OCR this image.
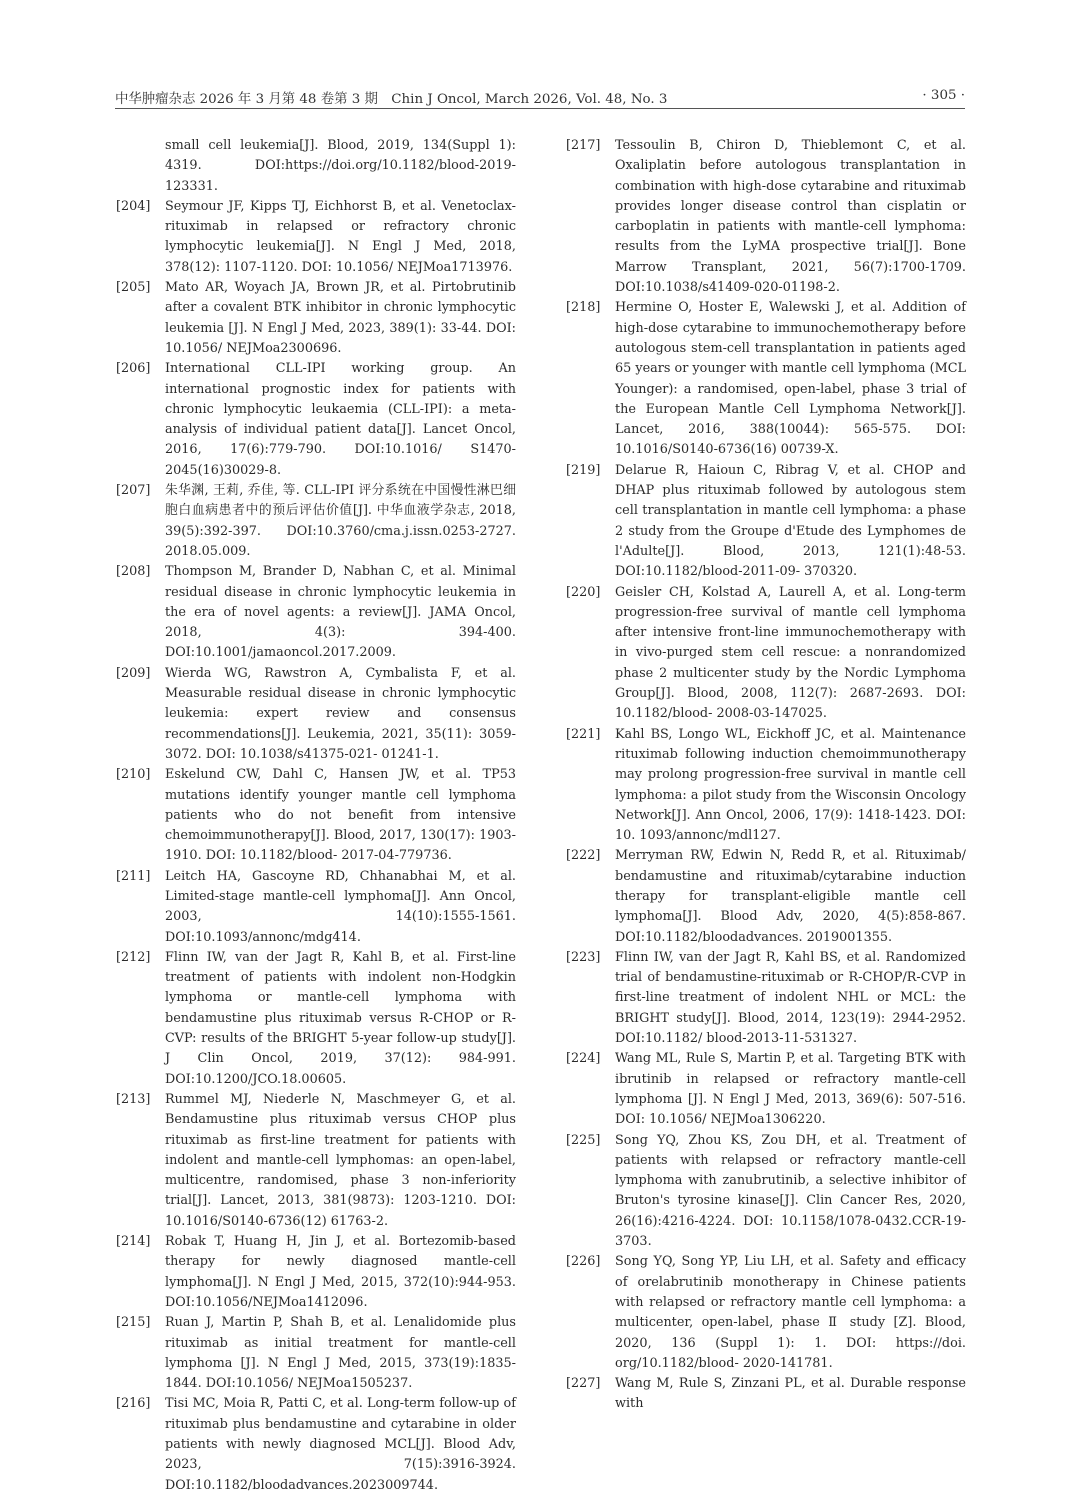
中华肿瘤杂志 2026 年 3 月第 48 卷第 3 期　Chin J Oncol, March 2026, Vol. 48, No. 3	· 305 ·
small cell leukemia[J]. Blood, 2019, 134(Suppl 1): 4319. DOI:https://doi.org/10.1182/blood-2019-123331.
[204] Seymour JF, Kipps TJ, Eichhorst B, et al. Venetoclax-rituximab in relapsed or refractory chronic lymphocytic leukemia[J]. N Engl J Med, 2018, 378(12): 1107-1120. DOI: 10.1056/ NEJMoa1713976.
[205] Mato AR, Woyach JA, Brown JR, et al. Pirtobrutinib after a covalent BTK inhibitor in chronic lymphocytic leukemia [J]. N Engl J Med, 2023, 389(1): 33-44. DOI: 10.1056/ NEJMoa2300696.
[206] International CLL-IPI working group. An international prognostic index for patients with chronic lymphocytic leukaemia (CLL-IPI): a meta-analysis of individual patient data[J]. Lancet Oncol, 2016, 17(6):779-790. DOI:10.1016/ S1470-2045(16)30029-8.
[207] 朱华渊, 王莉, 乔佳, 等. CLL-IPI 评分系统在中国慢性淋巴细胞白血病患者中的预后评估价值[J]. 中华血液学杂志, 2018, 39(5):392-397. DOI:10.3760/cma.j.issn.0253-2727. 2018.05.009.
[208] Thompson M, Brander D, Nabhan C, et al. Minimal residual disease in chronic lymphocytic leukemia in the era of novel agents: a review[J]. JAMA Oncol, 2018, 4(3): 394-400. DOI:10.1001/jamaoncol.2017.2009.
[209] Wierda WG, Rawstron A, Cymbalista F, et al. Measurable residual disease in chronic lymphocytic leukemia: expert review and consensus recommendations[J]. Leukemia, 2021, 35(11): 3059-3072. DOI: 10.1038/s41375-021- 01241-1.
[210] Eskelund CW, Dahl C, Hansen JW, et al. TP53 mutations identify younger mantle cell lymphoma patients who do not benefit from intensive chemoimmunotherapy[J]. Blood, 2017, 130(17): 1903-1910. DOI: 10.1182/blood- 2017-04-779736.
[211] Leitch HA, Gascoyne RD, Chhanabhai M, et al. Limited-stage mantle-cell lymphoma[J]. Ann Oncol, 2003, 14(10):1555-1561. DOI:10.1093/annonc/mdg414.
[212] Flinn IW, van der Jagt R, Kahl B, et al. First-line treatment of patients with indolent non-Hodgkin lymphoma or mantle-cell lymphoma with bendamustine plus rituximab versus R-CHOP or R-CVP: results of the BRIGHT 5-year follow-up study[J]. J Clin Oncol, 2019, 37(12): 984-991. DOI:10.1200/JCO.18.00605.
[213] Rummel MJ, Niederle N, Maschmeyer G, et al. Bendamustine plus rituximab versus CHOP plus rituximab as first-line treatment for patients with indolent and mantle-cell lymphomas: an open-label, multicentre, randomised, phase 3 non-inferiority trial[J]. Lancet, 2013, 381(9873): 1203-1210. DOI: 10.1016/S0140-6736(12) 61763-2.
[214] Robak T, Huang H, Jin J, et al. Bortezomib-based therapy for newly diagnosed mantle-cell lymphoma[J]. N Engl J Med, 2015, 372(10):944-953. DOI:10.1056/NEJMoa1412096.
[215] Ruan J, Martin P, Shah B, et al. Lenalidomide plus rituximab as initial treatment for mantle-cell lymphoma [J]. N Engl J Med, 2015, 373(19):1835-1844. DOI:10.1056/ NEJMoa1505237.
[216] Tisi MC, Moia R, Patti C, et al. Long-term follow-up of rituximab plus bendamustine and cytarabine in older patients with newly diagnosed MCL[J]. Blood Adv, 2023, 7(15):3916-3924. DOI:10.1182/bloodadvances.2023009744.
[217] Tessoulin B, Chiron D, Thieblemont C, et al. Oxaliplatin before autologous transplantation in combination with high-dose cytarabine and rituximab provides longer disease control than cisplatin or carboplatin in patients with mantle-cell lymphoma: results from the LyMA prospective trial[J]. Bone Marrow Transplant, 2021, 56(7):1700-1709. DOI:10.1038/s41409-020-01198-2.
[218] Hermine O, Hoster E, Walewski J, et al. Addition of high-dose cytarabine to immunochemotherapy before autologous stem-cell transplantation in patients aged 65 years or younger with mantle cell lymphoma (MCL Younger): a randomised, open-label, phase 3 trial of the European Mantle Cell Lymphoma Network[J]. Lancet, 2016, 388(10044): 565-575. DOI: 10.1016/S0140-6736(16) 00739-X.
[219] Delarue R, Haioun C, Ribrag V, et al. CHOP and DHAP plus rituximab followed by autologous stem cell transplantation in mantle cell lymphoma: a phase 2 study from the Groupe d'Etude des Lymphomes de l'Adulte[J]. Blood, 2013, 121(1):48-53. DOI:10.1182/blood-2011-09- 370320.
[220] Geisler CH, Kolstad A, Laurell A, et al. Long-term progression-free survival of mantle cell lymphoma after intensive front-line immunochemotherapy with in vivo-purged stem cell rescue: a nonrandomized phase 2 multicenter study by the Nordic Lymphoma Group[J]. Blood, 2008, 112(7): 2687-2693. DOI: 10.1182/blood- 2008-03-147025.
[221] Kahl BS, Longo WL, Eickhoff JC, et al. Maintenance rituximab following induction chemoimmunotherapy may prolong progression-free survival in mantle cell lymphoma: a pilot study from the Wisconsin Oncology Network[J]. Ann Oncol, 2006, 17(9): 1418-1423. DOI: 10. 1093/annonc/mdl127.
[222] Merryman RW, Edwin N, Redd R, et al. Rituximab/ bendamustine and rituximab/cytarabine induction therapy for transplant-eligible mantle cell lymphoma[J]. Blood Adv, 2020, 4(5):858-867. DOI:10.1182/bloodadvances. 2019001355.
[223] Flinn IW, van der Jagt R, Kahl BS, et al. Randomized trial of bendamustine-rituximab or R-CHOP/R-CVP in first-line treatment of indolent NHL or MCL: the BRIGHT study[J]. Blood, 2014, 123(19): 2944-2952. DOI:10.1182/ blood-2013-11-531327.
[224] Wang ML, Rule S, Martin P, et al. Targeting BTK with ibrutinib in relapsed or refractory mantle-cell lymphoma [J]. N Engl J Med, 2013, 369(6): 507-516. DOI: 10.1056/ NEJMoa1306220.
[225] Song YQ, Zhou KS, Zou DH, et al. Treatment of patients with relapsed or refractory mantle-cell lymphoma with zanubrutinib, a selective inhibitor of Bruton's tyrosine kinase[J]. Clin Cancer Res, 2020, 26(16):4216-4224. DOI: 10.1158/1078-0432.CCR-19-3703.
[226] Song YQ, Song YP, Liu LH, et al. Safety and efficacy of orelabrutinib monotherapy in Chinese patients with relapsed or refractory mantle cell lymphoma: a multicenter, open-label, phase Ⅱ study [Z]. Blood, 2020, 136 (Suppl 1): 1. DOI: https://doi. org/10.1182/blood- 2020-141781.
[227] Wang M, Rule S, Zinzani PL, et al. Durable response with
